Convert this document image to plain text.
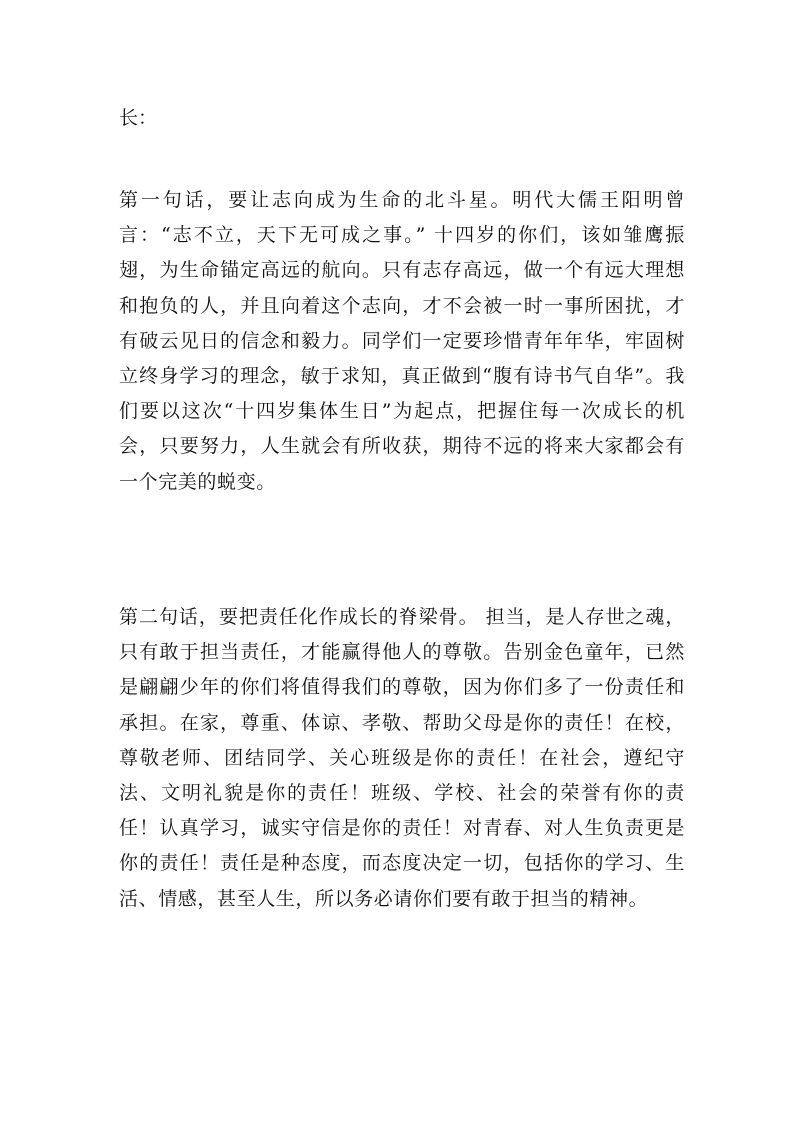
长：

第一句话，要让志向成为生命的北斗星。明代大儒王阳明曾言：“志不立，天下无可成之事。” 十四岁的你们，该如雏鹰振翅，为生命锚定高远的航向。只有志存高远，做一个有远大理想和抱负的人，并且向着这个志向，才不会被一时一事所困扰，才有破云见日的信念和毅力。同学们一定要珍惜青年年华，牢固树立终身学习的理念，敏于求知，真正做到“腹有诗书气自华”。我们要以这次“十四岁集体生日”为起点，把握住每一次成长的机会，只要努力，人生就会有所收获，期待不远的将来大家都会有一个完美的蜕变。

第二句话，要把责任化作成长的脊梁骨。 担当，是人存世之魂，只有敢于担当责任，才能赢得他人的尊敬。告别金色童年，已然是翩翩少年的你们将值得我们的尊敬，因为你们多了一份责任和承担。在家，尊重、体谅、孝敬、帮助父母是你的责任！在校，尊敬老师、团结同学、关心班级是你的责任！在社会，遵纪守法、文明礼貌是你的责任！班级、学校、社会的荣誉有你的责任！认真学习，诚实守信是你的责任！对青春、对人生负责更是你的责任！责任是种态度，而态度决定一切，包括你的学习、生活、情感，甚至人生，所以务必请你们要有敢于担当的精神。
